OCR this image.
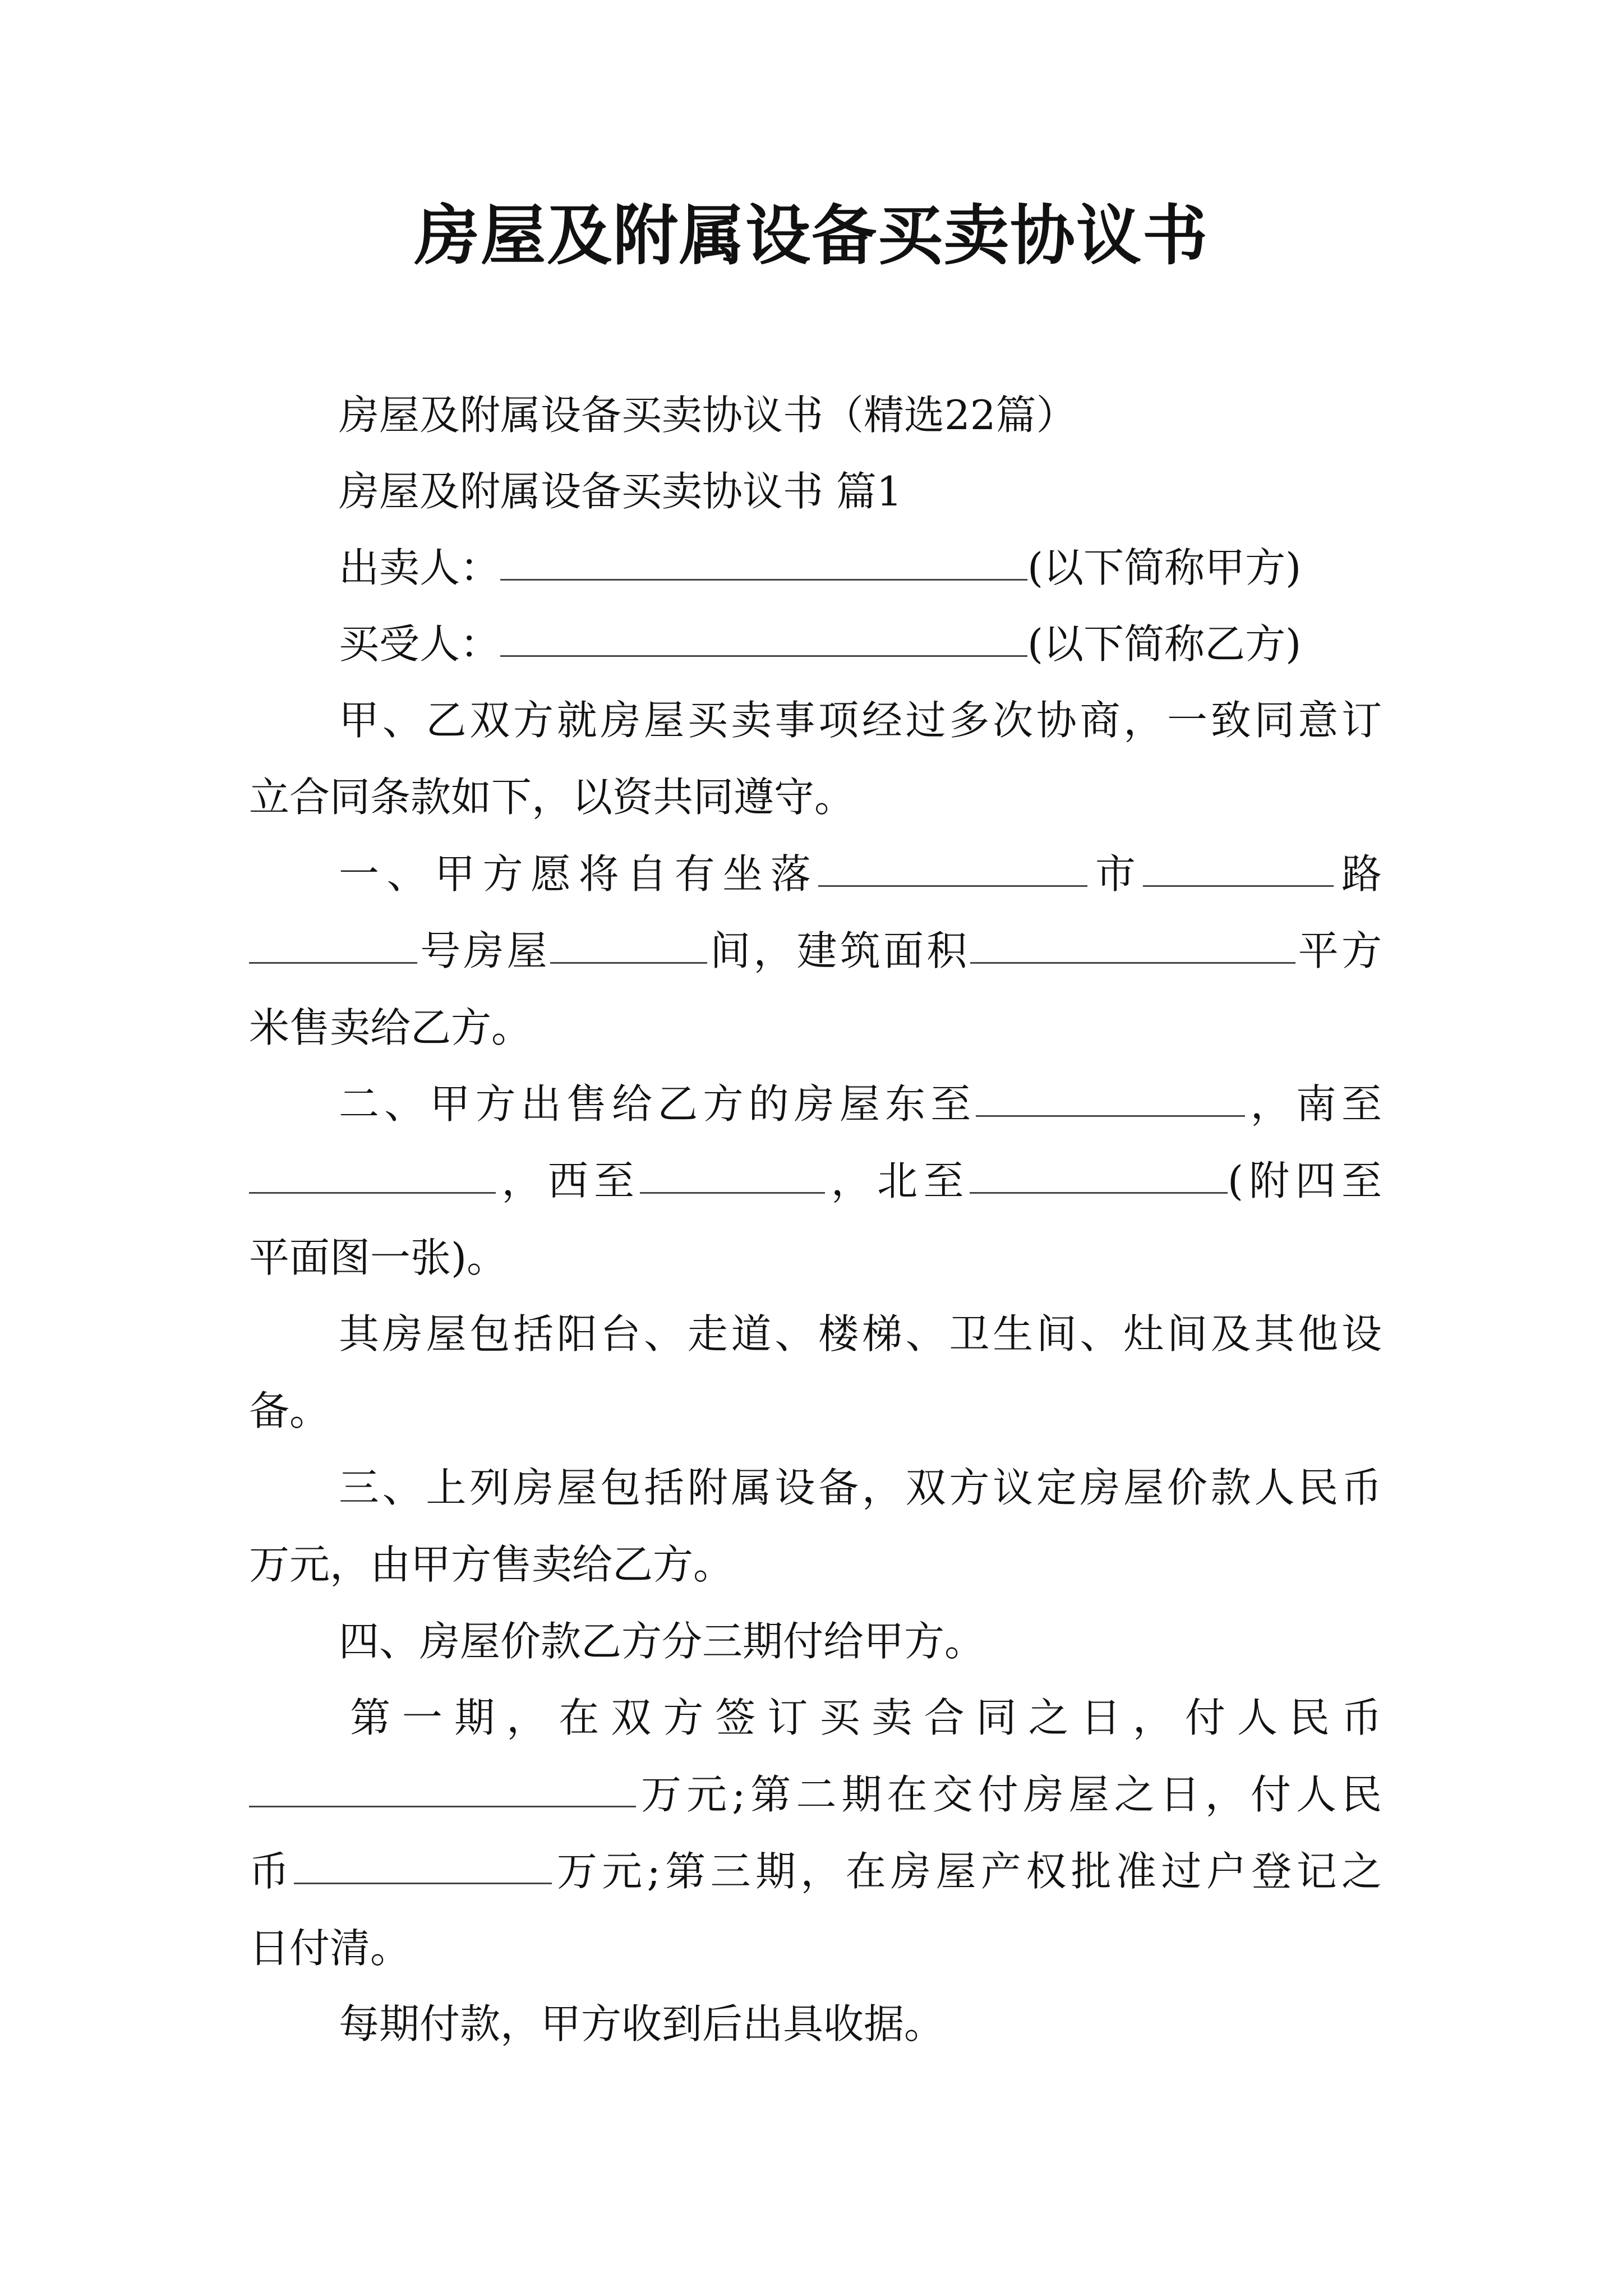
房屋及附属设备买卖协议书
房屋及附属设备买卖协议书（精选22篇）
房屋及附属设备买卖协议书 篇1
出卖人：	(以下简称甲方)
买受人：	(以下简称乙方)
甲、乙双方就房屋买卖事项经过多次协商，一致同意订
立合同条款如下，以资共同遵守。
一、甲方愿将自有坐落	市	路
号房屋	间，建筑面积	平方
米售卖给乙方。
二、甲方出售给乙方的房屋东至	，南至
，西至	，北至	(附四至
平面图一张)。
其房屋包括阳台、走道、楼梯、卫生间、灶间及其他设
备。
三、上列房屋包括附属设备，双方议定房屋价款人民币
万元，由甲方售卖给乙方。
四、房屋价款乙方分三期付给甲方。
第一期，在双方签订买卖合同之日，付人民币
万元;第二期在交付房屋之日，付人民
币	万元;第三期，在房屋产权批准过户登记之
日付清。
每期付款，甲方收到后出具收据。
